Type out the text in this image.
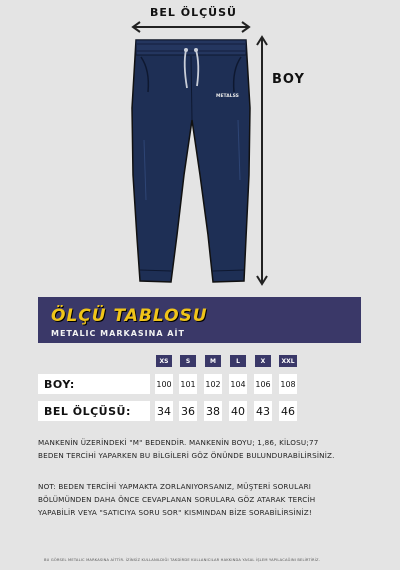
BEL ÖLÇÜSÜ
BOY
METALSS
ÖLÇÜ TABLOSU
METALIC MARKASINA AİT
XS	S	M	L	X	XXL
BOY:	100 101 102 104 106 108
BEL ÖLÇÜSÜ:	34 36 38 40 43 46
MANKENİN ÜZERİNDEKİ "M" BEDENDİR. MANKENİN BOYU; 1,86, KİLOSU;77
BEDEN TERCİHİ YAPARKEN BU BİLGİLERİ GÖZ ÖNÜNDE BULUNDURABİLİRSİNİZ.
NOT: BEDEN TERCİHİ YAPMAKTA ZORLANIYORSANIZ, MÜŞTERİ SORULARI
BÖLÜMÜNDEN DAHA ÖNCE CEVAPLANAN SORULARA GÖZ ATARAK TERCİH
YAPABİLİR VEYA "SATICIYA SORU SOR" KISMINDAN BİZE SORABİLİRSİNİZ!
BU GÖRSEL METALIC MARKASINA AİTTİR. İZİNSİZ KULLANILDIĞI TAKDİRDE KULLANICILAR HAKKINDA YASAL İŞLEM YAPILACAĞINI BELİRTİRİZ.
